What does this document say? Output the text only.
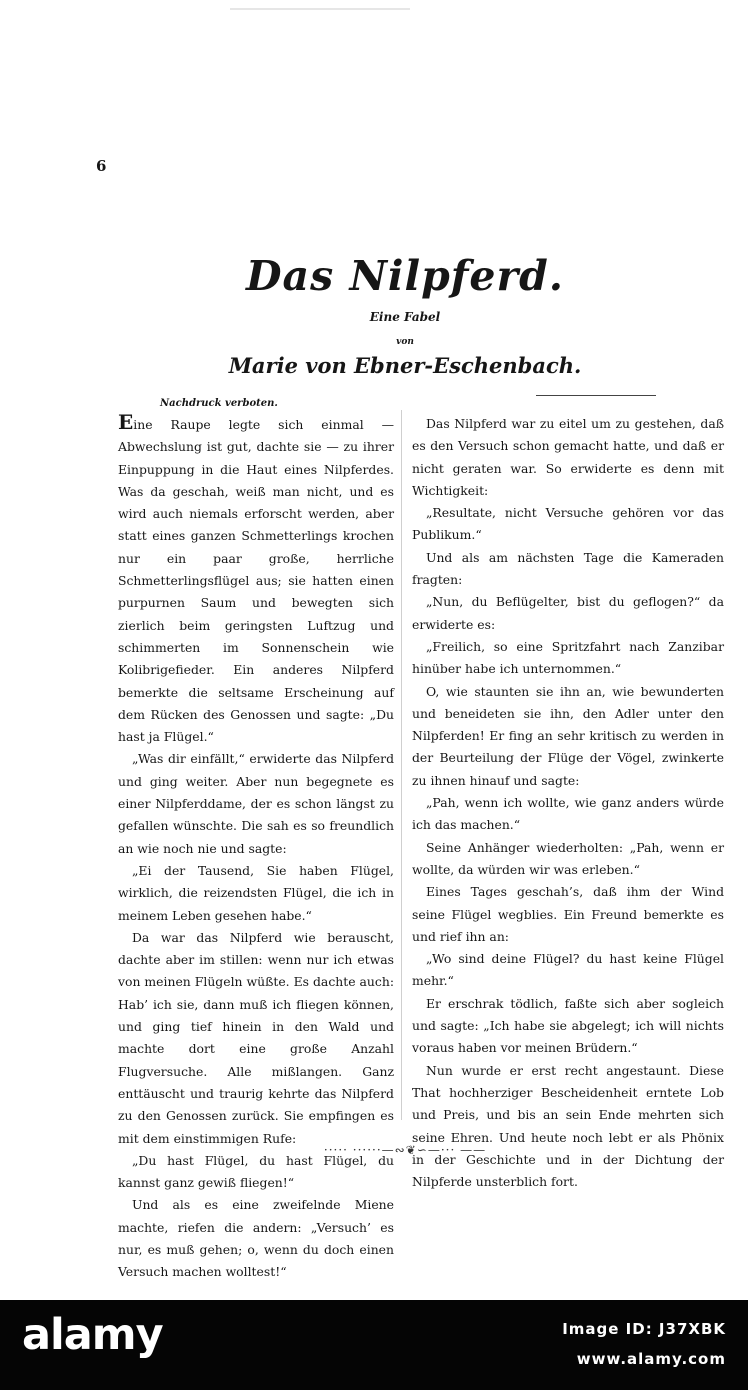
6
Das Nilpferd.
Eine Fabel
von
Marie von Ebner-Eschenbach.
Nachdruck verboten.

Eine Raupe legte sich einmal — Abwechslung ist gut, dachte sie — zu ihrer Einpuppung in die Haut eines Nilpferdes. Was da geschah, weiß man nicht, und es wird auch niemals erforscht werden, aber statt eines ganzen Schmetterlings krochen nur ein paar große, herrliche Schmetterlingsflügel aus; sie hatten einen purpurnen Saum und bewegten sich zierlich beim geringsten Luftzug und schimmerten im Sonnenschein wie Kolibrigefieder. Ein anderes Nilpferd bemerkte die seltsame Erscheinung auf dem Rücken des Genossen und sagte: „Du hast ja Flügel.“

„Was dir einfällt,“ erwiderte das Nilpferd und ging weiter. Aber nun begegnete es einer Nilpferddame, der es schon längst zu gefallen wünschte. Die sah es so freundlich an wie noch nie und sagte:

„Ei der Tausend, Sie haben Flügel, wirklich, die reizendsten Flügel, die ich in meinem Leben gesehen habe.“

Da war das Nilpferd wie berauscht, dachte aber im stillen: wenn nur ich etwas von meinen Flügeln wüßte. Es dachte auch: Hab’ ich sie, dann muß ich fliegen können, und ging tief hinein in den Wald und machte dort eine große Anzahl Flugversuche. Alle mißlangen. Ganz enttäuscht und traurig kehrte das Nilpferd zu den Genossen zurück. Sie empfingen es mit dem einstimmigen Rufe:

„Du hast Flügel, du hast Flügel, du kannst ganz gewiß fliegen!“

Und als es eine zweifelnde Miene machte, riefen die andern: „Versuch’ es nur, es muß gehen; o, wenn du doch einen Versuch machen wolltest!“

Das Nilpferd war zu eitel um zu gestehen, daß es den Versuch schon gemacht hatte, und daß er nicht geraten war. So erwiderte es denn mit Wichtigkeit:

„Resultate, nicht Versuche gehören vor das Publikum.“

Und als am nächsten Tage die Kameraden fragten:

„Nun, du Beflügelter, bist du geflogen?“ da erwiderte es:

„Freilich, so eine Spritzfahrt nach Zanzibar hinüber habe ich unternommen.“

O, wie staunten sie ihn an, wie bewunderten und beneideten sie ihn, den Adler unter den Nilpferden! Er fing an sehr kritisch zu werden in der Beurteilung der Flüge der Vögel, zwinkerte zu ihnen hinauf und sagte:

„Pah, wenn ich wollte, wie ganz anders würde ich das machen.“

Seine Anhänger wiederholten: „Pah, wenn er wollte, da würden wir was erleben.“

Eines Tages geschah’s, daß ihm der Wind seine Flügel wegblies. Ein Freund bemerkte es und rief ihn an:

„Wo sind deine Flügel? du hast keine Flügel mehr.“

Er erschrak tödlich, faßte sich aber sogleich und sagte: „Ich habe sie abgelegt; ich will nichts voraus haben vor meinen Brüdern.“

Nun wurde er erst recht angestaunt. Diese That hochherziger Bescheidenheit erntete Lob und Preis, und bis an sein Ende mehrten sich seine Ehren. Und heute noch lebt er als Phönix in der Geschichte und in der Dichtung der Nilpferde unsterblich fort.

····· ······—∾❦∽—··· ——
alamy	Image ID: J37XBK
www.alamy.com
